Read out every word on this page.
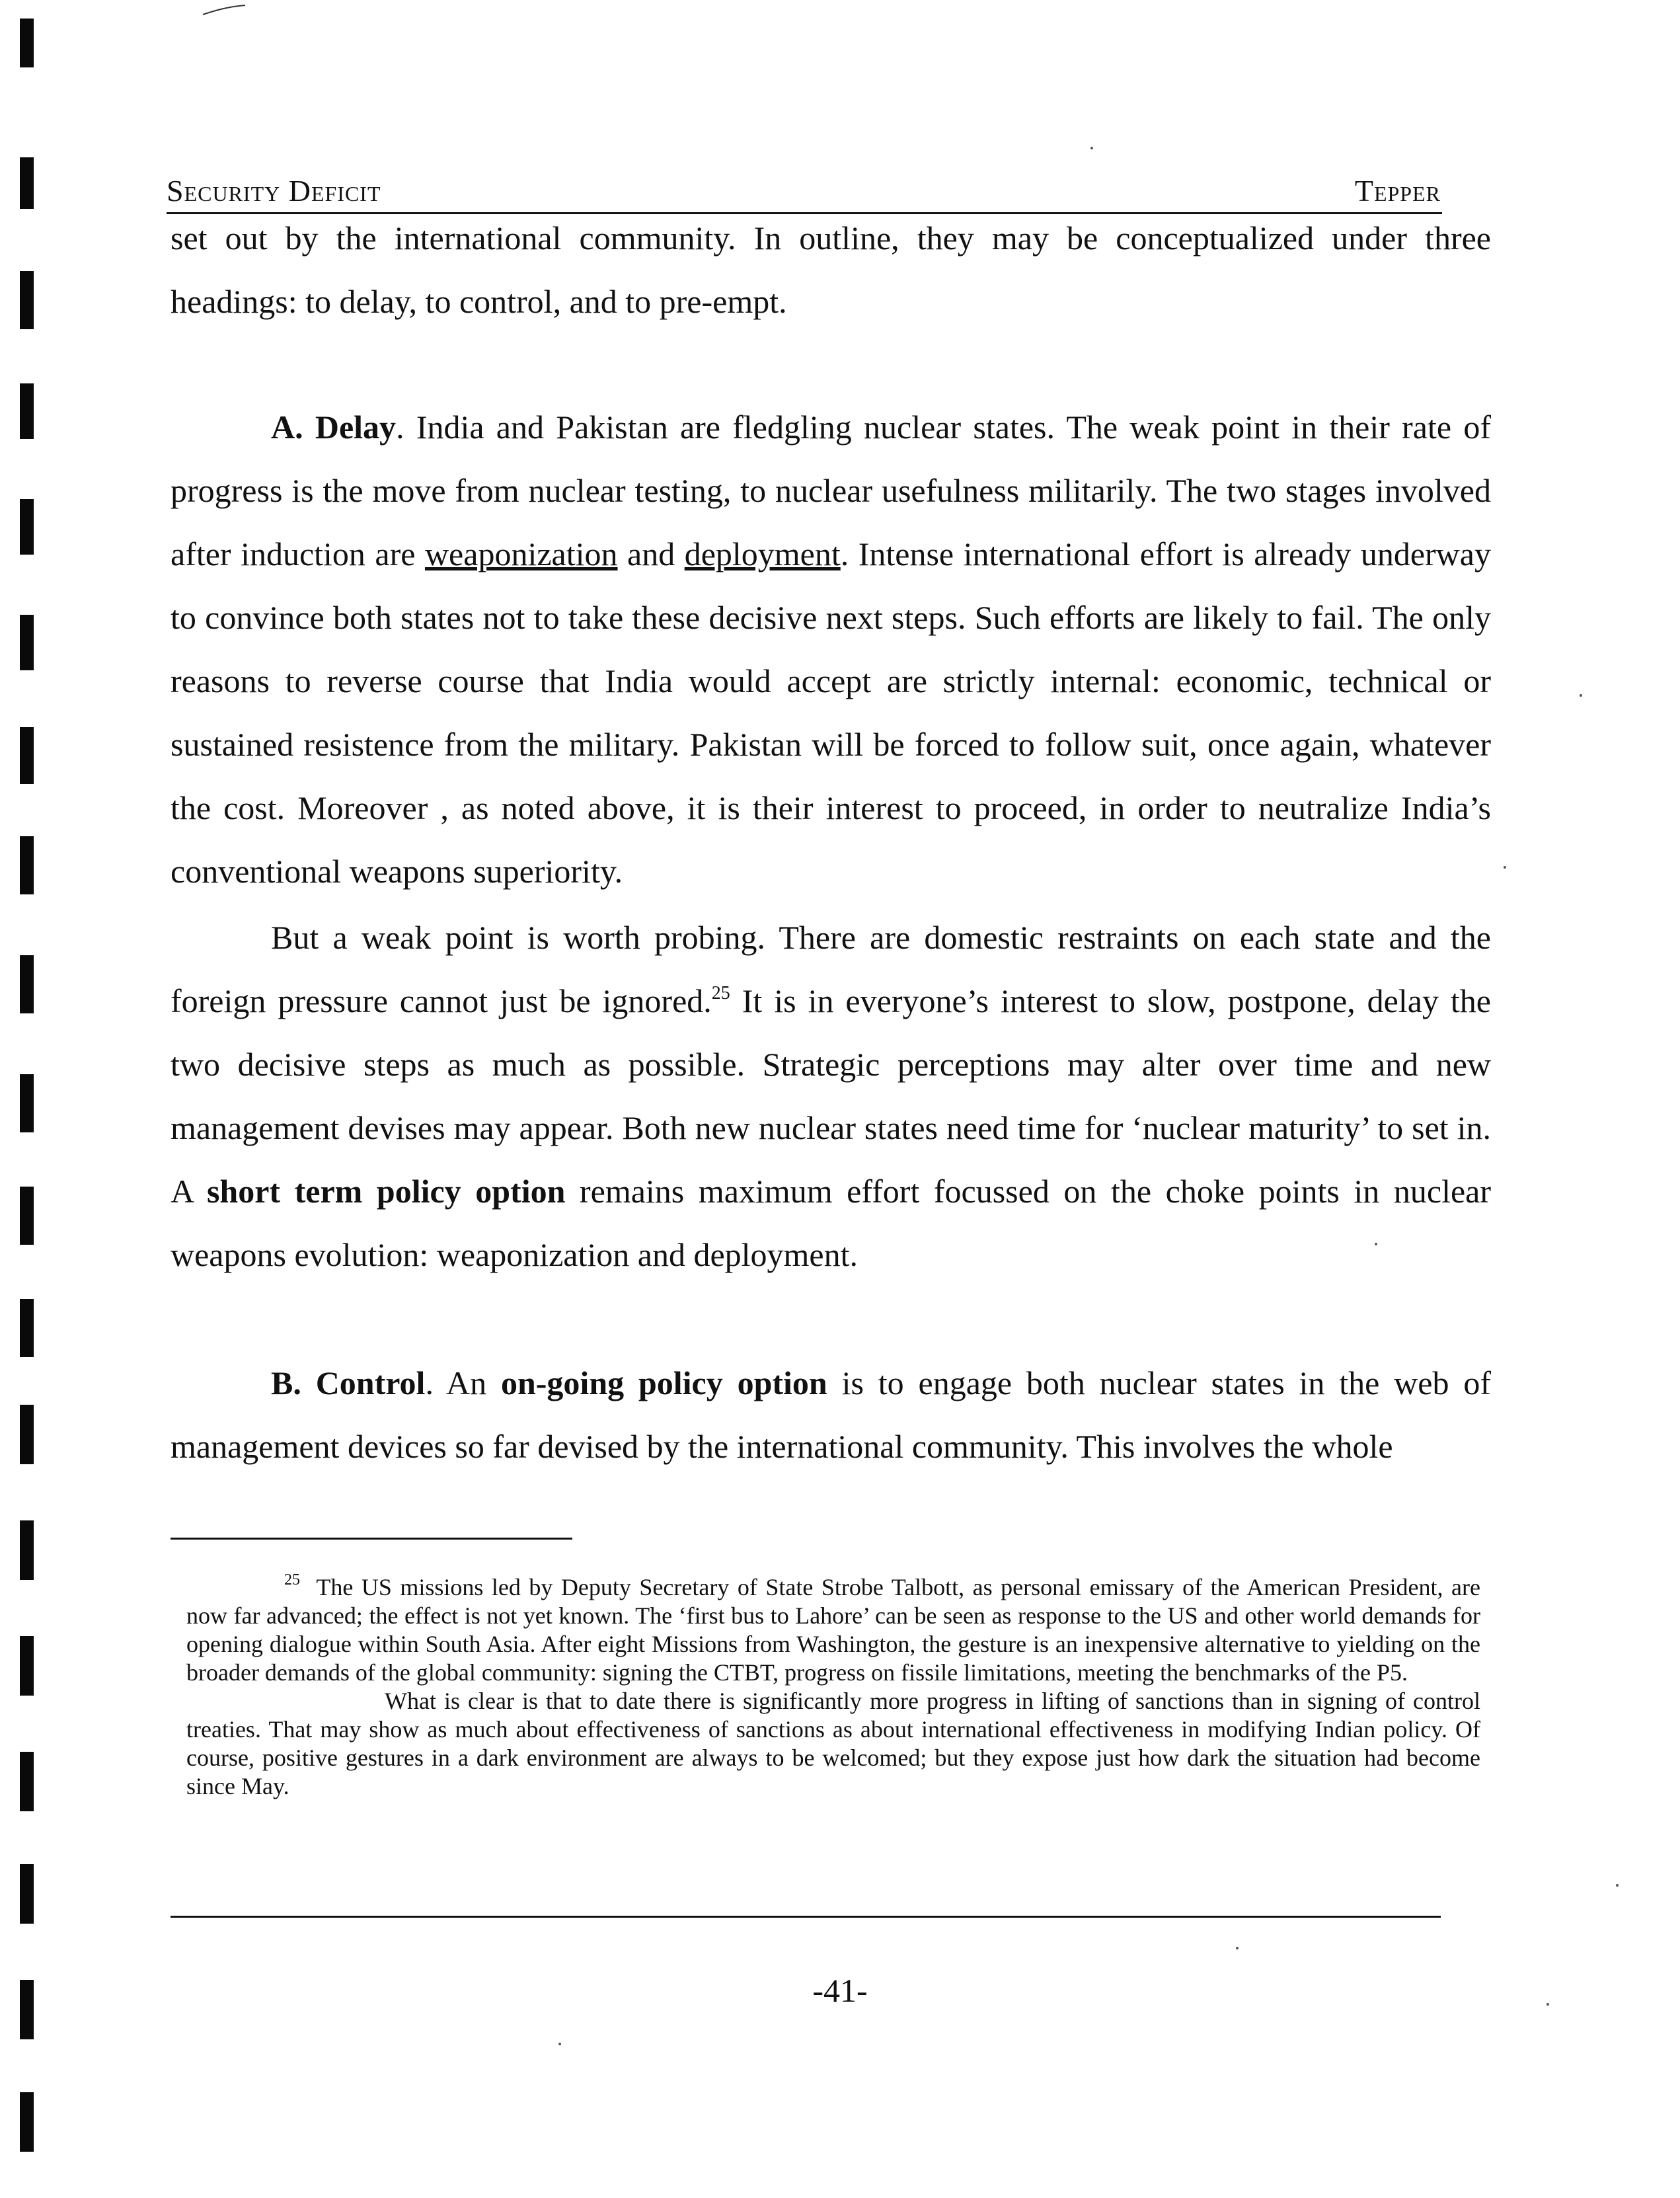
Security Deficit	Tepper

set out by the international community. In outline, they may be conceptualized under three headings: to delay, to control, and to pre-empt.

A. Delay. India and Pakistan are fledgling nuclear states. The weak point in their rate of progress is the move from nuclear testing, to nuclear usefulness militarily. The two stages involved after induction are weaponization and deployment. Intense international effort is already underway to convince both states not to take these decisive next steps. Such efforts are likely to fail. The only reasons to reverse course that India would accept are strictly internal: economic, technical or sustained resistence from the military. Pakistan will be forced to follow suit, once again, whatever the cost. Moreover , as noted above, it is their interest to proceed, in order to neutralize India’s conventional weapons superiority.

But a weak point is worth probing. There are domestic restraints on each state and the foreign pressure cannot just be ignored.$^{25}$ It is in everyone’s interest to slow, postpone, delay the two decisive steps as much as possible. Strategic perceptions may alter over time and new management devises may appear. Both new nuclear states need time for ‘nuclear maturity’ to set in. A short term policy option remains maximum effort focussed on the choke points in nuclear weapons evolution: weaponization and deployment.

B. Control. An on-going policy option is to engage both nuclear states in the web of management devices so far devised by the international community. This involves the whole

$^{25}$ The US missions led by Deputy Secretary of State Strobe Talbott, as personal emissary of the American President, are now far advanced; the effect is not yet known. The ‘first bus to Lahore’ can be seen as response to the US and other world demands for opening dialogue within South Asia. After eight Missions from Washington, the gesture is an inexpensive alternative to yielding on the broader demands of the global community: signing the CTBT, progress on fissile limitations, meeting the benchmarks of the P5.

What is clear is that to date there is significantly more progress in lifting of sanctions than in signing of control treaties. That may show as much about effectiveness of sanctions as about international effectiveness in modifying Indian policy. Of course, positive gestures in a dark environment are always to be welcomed; but they expose just how dark the situation had become since May.

-41-
